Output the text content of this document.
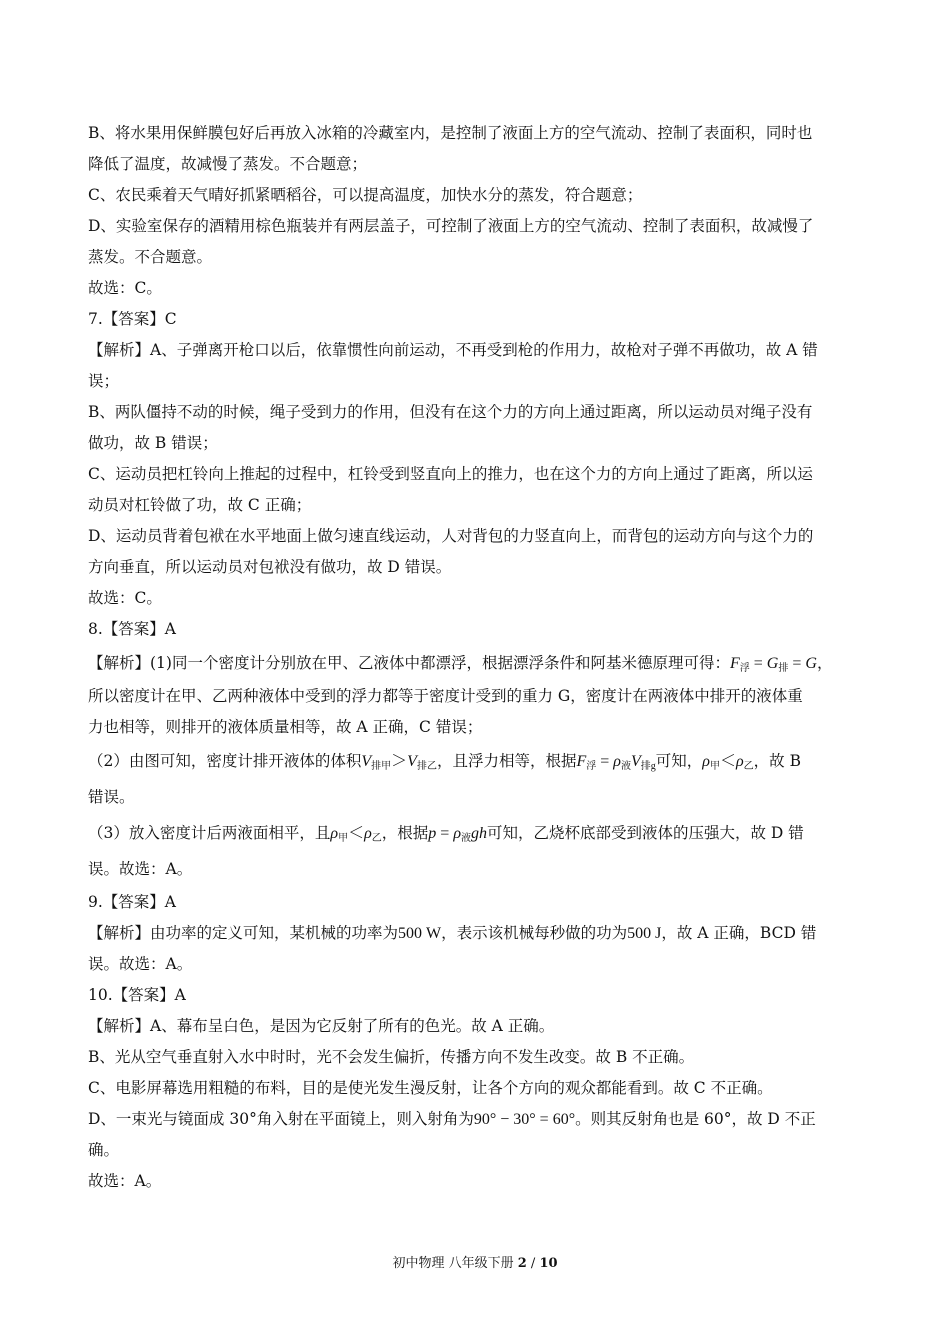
B、将水果用保鲜膜包好后再放入冰箱的冷藏室内，是控制了液面上方的空气流动、控制了表面积，同时也
降低了温度，故减慢了蒸发。不合题意；
C、农民乘着天气晴好抓紧晒稻谷，可以提高温度，加快水分的蒸发，符合题意；
D、实验室保存的酒精用棕色瓶装并有两层盖子，可控制了液面上方的空气流动、控制了表面积，故减慢了
蒸发。不合题意。
故选：C。
7.【答案】C
【解析】A、子弹离开枪口以后，依靠惯性向前运动，不再受到枪的作用力，故枪对子弹不再做功，故 A 错
误；
B、两队僵持不动的时候，绳子受到力的作用，但没有在这个力的方向上通过距离，所以运动员对绳子没有
做功，故 B 错误；
C、运动员把杠铃向上推起的过程中，杠铃受到竖直向上的推力，也在这个力的方向上通过了距离，所以运
动员对杠铃做了功，故 C 正确；
D、运动员背着包袱在水平地面上做匀速直线运动，人对背包的力竖直向上，而背包的运动方向与这个力的
方向垂直，所以运动员对包袱没有做功，故 D 错误。
故选：C。
8.【答案】A
【解析】(1)同一个密度计分别放在甲、乙液体中都漂浮，根据漂浮条件和阿基米德原理可得：$F_浮 = G_排 = G$，
所以密度计在甲、乙两种液体中受到的浮力都等于密度计受到的重力 G，密度计在两液体中排开的液体重
力也相等，则排开的液体质量相等，故 A 正确，C 错误；
（2）由图可知，密度计排开液体的体积$V_{排甲}>V_{排乙}$，且浮力相等，根据$F_浮 = \rho_液V_{排g}$可知，$\rho_甲<\rho_乙$，故 B
错误。
（3）放入密度计后两液面相平，且$\rho_甲<\rho_乙$，根据$p = \rho_液gh$可知，乙烧杯底部受到液体的压强大，故 D 错
误。故选：A。
9.【答案】A
【解析】由功率的定义可知，某机械的功率为500 W，表示该机械每秒做的功为500 J，故 A 正确，BCD 错
误。故选：A。
10.【答案】A
【解析】A、幕布呈白色，是因为它反射了所有的色光。故 A 正确。
B、光从空气垂直射入水中时时，光不会发生偏折，传播方向不发生改变。故 B 不正确。
C、电影屏幕选用粗糙的布料，目的是使光发生漫反射，让各个方向的观众都能看到。故 C 不正确。
D、一束光与镜面成 30°角入射在平面镜上，则入射角为90° − 30° = 60°。则其反射角也是 60°，故 D 不正
确。
故选：A。
初中物理 八年级下册 2 / 10
